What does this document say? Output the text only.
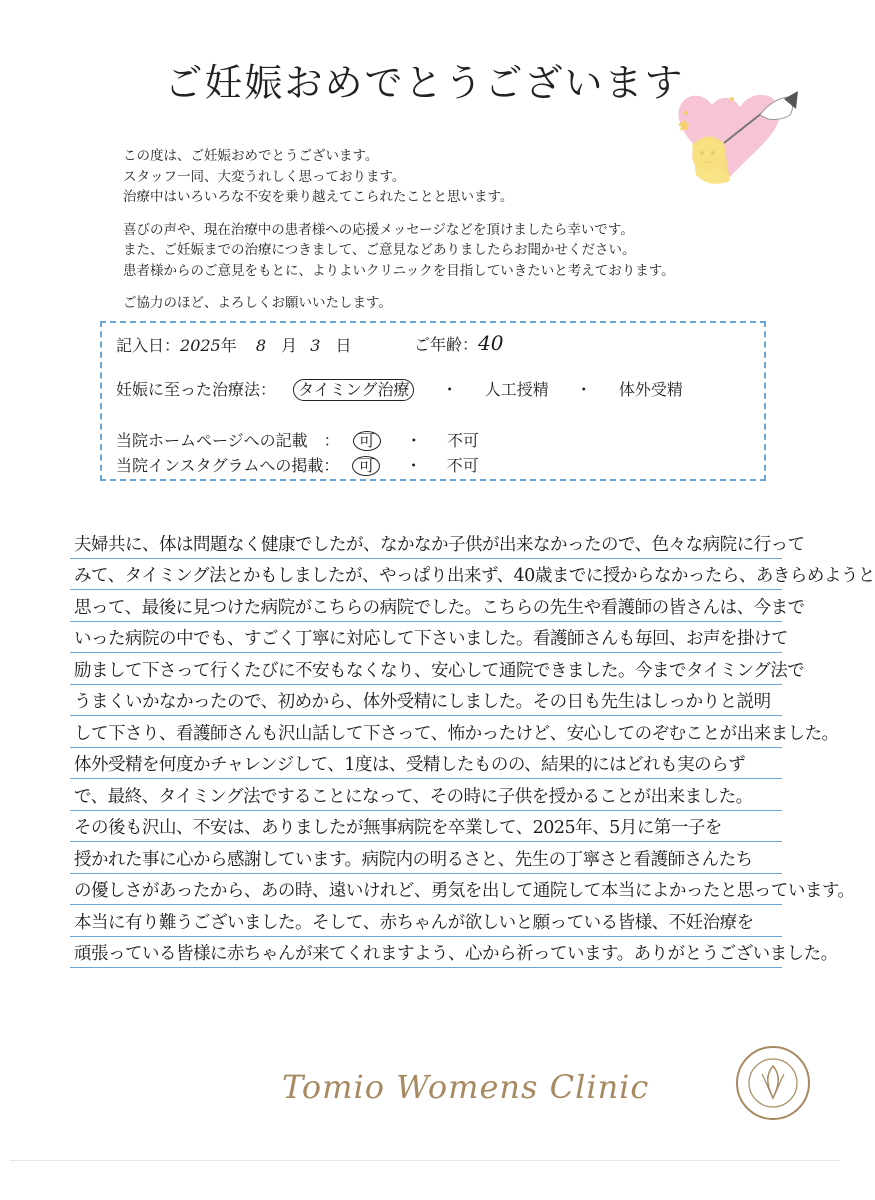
ご妊娠おめでとうございます

この度は、ご妊娠おめでとうございます。
スタッフ一同、大変うれしく思っております。
治療中はいろいろな不安を乗り越えてこられたことと思います。

喜びの声や、現在治療中の患者様への応援メッセージなどを頂けましたら幸いです。
また、ご妊娠までの治療につきまして、ご意見などありましたらお聞かせください。
患者様からのご意見をもとに、よりよいクリニックを目指していきたいと考えております。

ご協力のほど、よろしくお願いいたします。

記入日：2025年 8 月 3 日	ご年齢：40
妊娠に至った治療法： タイミング治療 ・ 人工授精 ・ 体外受精
当院ホームページへの記載　： 可 ・ 不可
当院インスタグラムへの掲載： 可 ・ 不可
夫婦共に、体は問題なく健康でしたが、なかなか子供が出来なかったので、色々な病院に行って
みて、タイミング法とかもしましたが、やっぱり出来ず、40歳までに授からなかったら、あきらめようと
思って、最後に見つけた病院がこちらの病院でした。こちらの先生や看護師の皆さんは、今まで
いった病院の中でも、すごく丁寧に対応して下さいました。看護師さんも毎回、お声を掛けて
励まして下さって行くたびに不安もなくなり、安心して通院できました。今までタイミング法で
うまくいかなかったので、初めから、体外受精にしました。その日も先生はしっかりと説明
して下さり、看護師さんも沢山話して下さって、怖かったけど、安心してのぞむことが出来ました。
体外受精を何度かチャレンジして、1度は、受精したものの、結果的にはどれも実のらず
で、最終、タイミング法ですることになって、その時に子供を授かることが出来ました。
その後も沢山、不安は、ありましたが無事病院を卒業して、2025年、5月に第一子を
授かれた事に心から感謝しています。病院内の明るさと、先生の丁寧さと看護師さんたち
の優しさがあったから、あの時、遠いけれど、勇気を出して通院して本当によかったと思っています。
本当に有り難うございました。そして、赤ちゃんが欲しいと願っている皆様、不妊治療を
頑張っている皆様に赤ちゃんが来てくれますよう、心から祈っています。ありがとうございました。
Tomio Womens Clinic
